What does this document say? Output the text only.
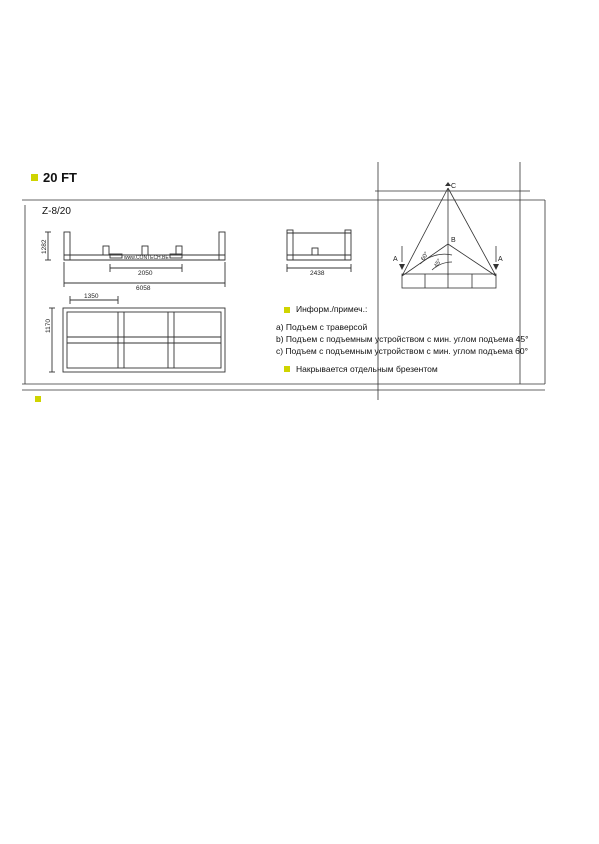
1282
www.CONTECH.BE
2050
6058
2438
1350
1170
C
B
A	A
60°
45°
20 FT
Z-8/20
Информ./примеч.:
a) Подъем с траверсой
b) Подъем с подъемным устройством с мин. углом подъема 45°
c) Подъем с подъемным устройством с мин. углом подъема 60°
Накрывается отдельным брезентом
